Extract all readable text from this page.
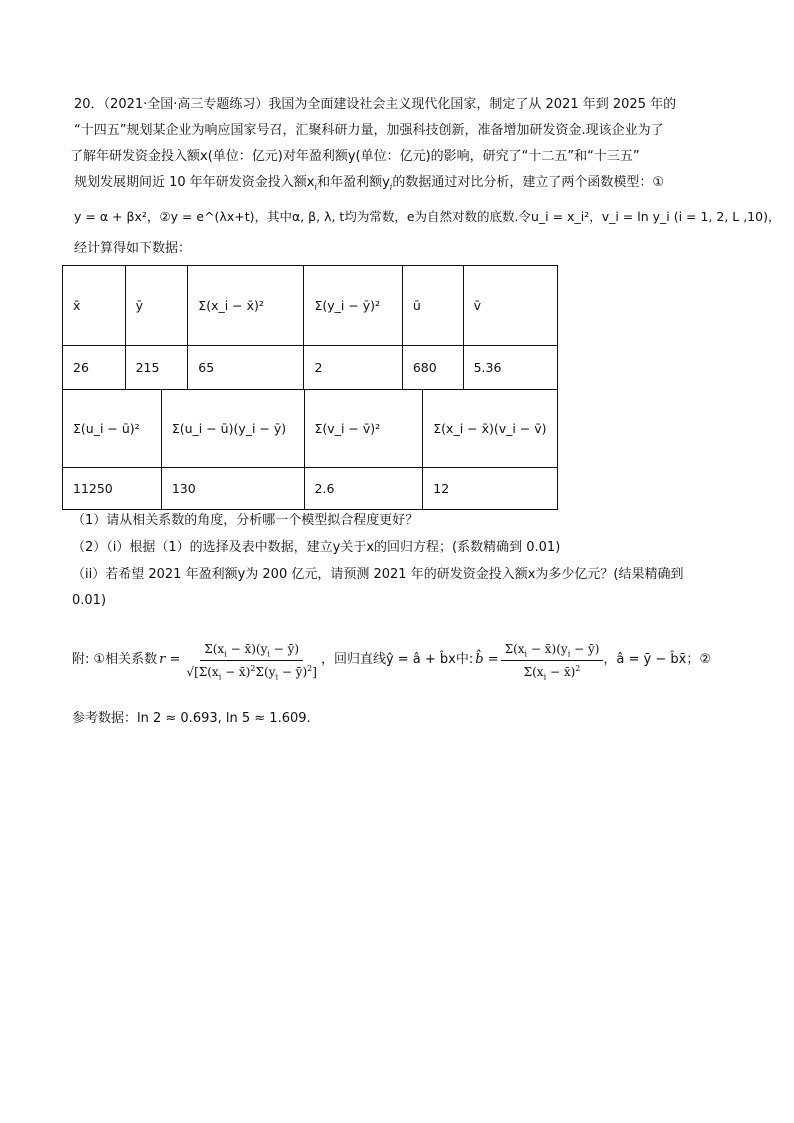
20．（2021·全国·高三专题练习）我国为全面建设社会主义现代化国家，制定了从 2021 年到 2025 年的
“十四五”规划某企业为响应国家号召，汇聚科研力量，加强科技创新，准备增加研发资金.现该企业为了
了解年研发资金投入额x(单位：亿元)对年盈利额y(单位：亿元)的影响，研究了“十二五”和“十三五”
规划发展期间近 10 年年研发资金投入额$x_i$和年盈利额$y_i$的数据通过对比分析，建立了两个函数模型：①
y = α + βx²，②y = e^(λx+t)，其中α, β, λ, t均为常数，e为自然对数的底数.令u_i = x_i²，v_i = ln y_i (i = 1, 2, L ,10)，
经计算得如下数据：
x̄	ȳ	Σ(x_i − x̄)²	Σ(y_i − ȳ)²	ū	v̄
26	215	65	2	680	5.36
Σ(u_i − ū)²	Σ(u_i − ū)(y_i − ȳ)	Σ(v_i − v̄)²	Σ(x_i − x̄)(v_i − v̄)
11250	130	2.6	12
（1）请从相关系数的角度，分析哪一个模型拟合程度更好？
（2）（i）根据（1）的选择及表中数据，建立y关于x的回归方程；(系数精确到 0.01)
（ii）若希望 2021 年盈利额y为 200 亿元，请预测 2021 年的研发资金投入额x为多少亿元？(结果精确到
0.01)
附: ①相关系数 $r = \frac{\Sigma(x_i - x̄)(y_i - ȳ)}{√[\Sigma(x_i - x̄)^2\Sigma(y_i - ȳ)^2]}$ ，回归直线ŷ = â + b̂x中: b̂ = $\frac{\Sigma(x_i - x̄)(y_i - ȳ)}{\Sigma(x_i - x̄)^2}$ ，â = ȳ − b̂x̄；②
参考数据：ln 2 ≈ 0.693, ln 5 ≈ 1.609.
